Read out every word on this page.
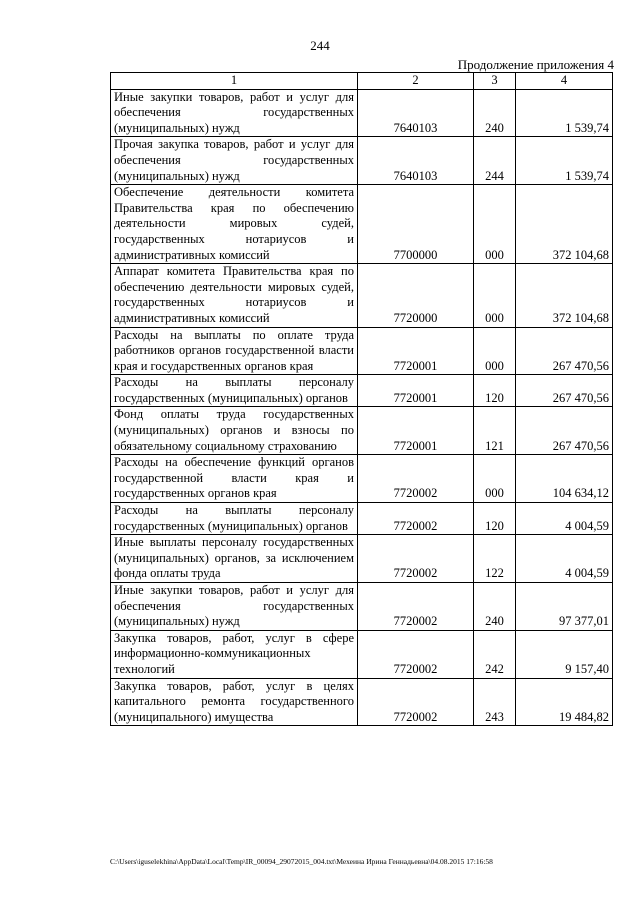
244
Продолжение приложения 4
1	2	3	4
Иные закупки товаров, работ и услуг для обеспечения государственных (муниципальных) нужд	7640103	240	1 539,74
Прочая закупка товаров, работ и услуг для обеспечения государственных (муниципальных) нужд	7640103	244	1 539,74
Обеспечение деятельности комитета Правительства края по обеспечению деятельности мировых судей, государственных нотариусов и административных комиссий	7700000	000	372 104,68
Аппарат комитета Правительства края по обеспечению деятельности мировых судей, государственных нотариусов и административных комиссий	7720000	000	372 104,68
Расходы на выплаты по оплате труда работников органов государственной власти края и государственных органов края	7720001	000	267 470,56
Расходы на выплаты персоналу государственных (муниципальных) органов	7720001	120	267 470,56
Фонд оплаты труда государственных (муниципальных) органов и взносы по обязательному социальному страхованию	7720001	121	267 470,56
Расходы на обеспечение функций органов государственной власти края и государственных органов края	7720002	000	104 634,12
Расходы на выплаты персоналу государственных (муниципальных) органов	7720002	120	4 004,59
Иные выплаты персоналу государственных (муниципальных) органов, за исключением фонда оплаты труда	7720002	122	4 004,59
Иные закупки товаров, работ и услуг для обеспечения государственных (муниципальных) нужд	7720002	240	97 377,01
Закупка товаров, работ, услуг в сфере информационно-коммуникационных технологий	7720002	242	9 157,40
Закупка товаров, работ, услуг в целях капитального ремонта государственного (муниципального) имущества	7720002	243	19 484,82
C:\Users\iguselekhina\AppData\Local\Temp\IR_00094_29072015_004.txt\Мехеина Ирина Геннадьевна\04.08.2015 17:16:58
